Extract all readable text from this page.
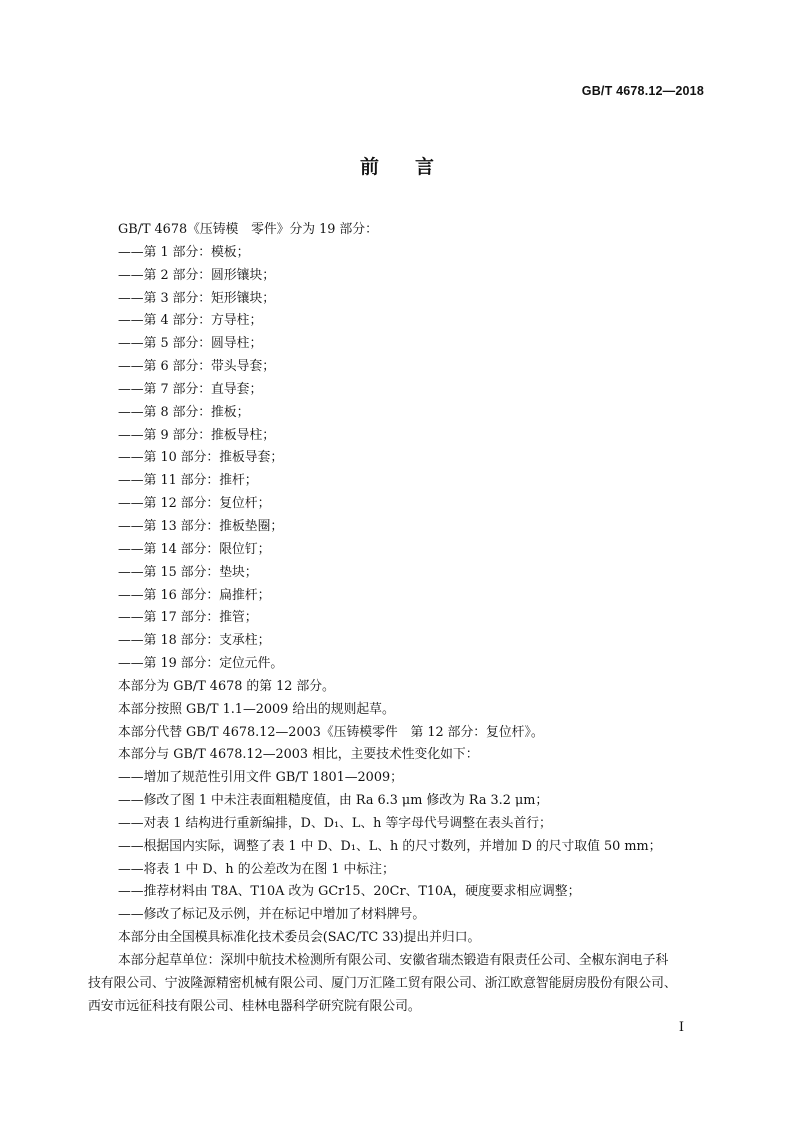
GB/T 4678.12—2018
前言
GB/T 4678《压铸模　零件》分为 19 部分：
——第 1 部分：模板；
——第 2 部分：圆形镶块；
——第 3 部分：矩形镶块；
——第 4 部分：方导柱；
——第 5 部分：圆导柱；
——第 6 部分：带头导套；
——第 7 部分：直导套；
——第 8 部分：推板；
——第 9 部分：推板导柱；
——第 10 部分：推板导套；
——第 11 部分：推杆；
——第 12 部分：复位杆；
——第 13 部分：推板垫圈；
——第 14 部分：限位钉；
——第 15 部分：垫块；
——第 16 部分：扁推杆；
——第 17 部分：推管；
——第 18 部分：支承柱；
——第 19 部分：定位元件。
本部分为 GB/T 4678 的第 12 部分。
本部分按照 GB/T 1.1—2009 给出的规则起草。
本部分代替 GB/T 4678.12—2003《压铸模零件　第 12 部分：复位杆》。
本部分与 GB/T 4678.12—2003 相比，主要技术性变化如下：
——增加了规范性引用文件 GB/T 1801—2009；
——修改了图 1 中未注表面粗糙度值，由 Ra 6.3 μm 修改为 Ra 3.2 μm；
——对表 1 结构进行重新编排，D、D₁、L、h 等字母代号调整在表头首行；
——根据国内实际，调整了表 1 中 D、D₁、L、h 的尺寸数列，并增加 D 的尺寸取值 50 mm；
——将表 1 中 D、h 的公差改为在图 1 中标注；
——推荐材料由 T8A、T10A 改为 GCr15、20Cr、T10A，硬度要求相应调整；
——修改了标记及示例，并在标记中增加了材料牌号。
本部分由全国模具标准化技术委员会(SAC/TC 33)提出并归口。
本部分起草单位：深圳中航技术检测所有限公司、安徽省瑞杰锻造有限责任公司、全椒东润电子科
技有限公司、宁波隆源精密机械有限公司、厦门万汇隆工贸有限公司、浙江欧意智能厨房股份有限公司、
西安市远征科技有限公司、桂林电器科学研究院有限公司。
I
